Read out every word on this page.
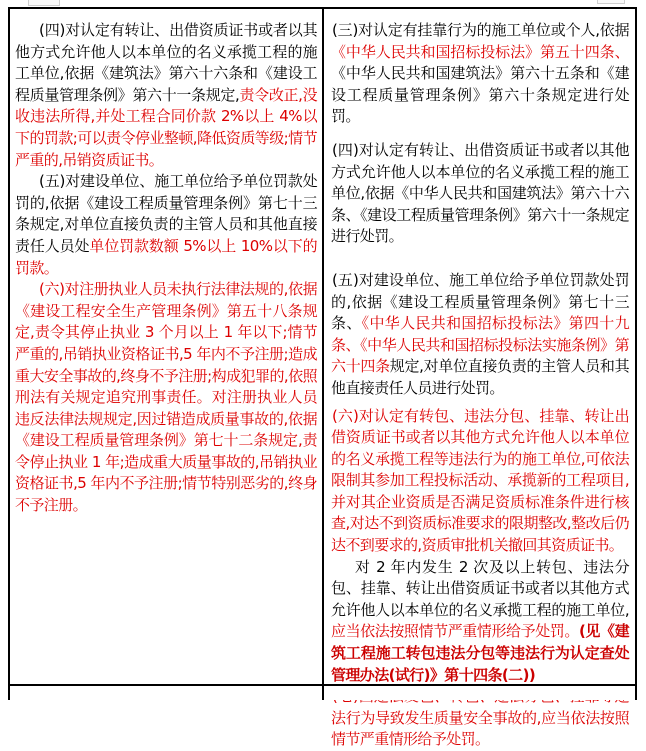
(四)对认定有转让、出借资质证书或者以其他方式允许他人以本单位的名义承揽工程的施工单位,依据《建筑法》第六十六条和《建设工程质量管理条例》第六十一条规定,责令改正,没收违法所得,并处工程合同价款 2%以上 4%以下的罚款;可以责令停业整顿,降低资质等级;情节严重的,吊销资质证书。

(五)对建设单位、施工单位给予单位罚款处罚的,依据《建设工程质量管理条例》第七十三条规定,对单位直接负责的主管人员和其他直接责任人员处单位罚款数额 5%以上 10%以下的罚款。

(六)对注册执业人员未执行法律法规的,依据《建设工程安全生产管理条例》第五十八条规定,责令其停止执业 3 个月以上 1 年以下;情节严重的,吊销执业资格证书,5 年内不予注册;造成重大安全事故的,终身不予注册;构成犯罪的,依照 刑法有关规定追究刑事责任。对注册执业人员违反法律法规规定,因过错造成质量事故的,依据《建设工程质量管理条例》第七十二条规定,责令停止执业 1 年;造成重大质量事故的,吊销执业资格证书,5 年内不予注册;情节特别恶劣的,终身不予注册。

(三)对认定有挂靠行为的施工单位或个人,依据《中华人民共和国招标投标法》第五十四条、《中华人民共和国建筑法》第六十五条和《建设工程质量管理条例》第六十条规定进行处罚。

(四)对认定有转让、出借资质证书或者以其他方式允许他人以本单位的名义承揽工程的施工单位,依据《中华人民共和国建筑法》第六十六条、《建设工程质量管理条例》第六十一条规定进行处罚。

(五)对建设单位、施工单位给予单位罚款处罚的,依据《建设工程质量管理条例》第七十三条、《中华人民共和国招标投标法》第四十九条、《中华人民共和国招标投标法实施条例》第六十四条规定,对单位直接负责的主管人员和其他直接责任人员进行处罚。

(六)对认定有转包、违法分包、挂靠、转让出借资质证书或者以其他方式允许他人以本单位的名义承揽工程等违法行为的施工单位,可依法限制其参加工程投标活动、承揽新的工程项目,并对其企业资质是否满足资质标准条件进行核查,对达不到资质标准要求的限期整改,整改后仍达不到要求的,资质审批机关撤回其资质证书。

对 2 年内发生 2 次及以上转包、违法分包、挂靠、转让出借资质证书或者以其他方式允许他人以本单位的名义承揽工程的施工单位,应当依法按照情节严重情形给予处罚。(见《建筑工程施工转包违法分包等违法行为认定查处管理办法(试行)》第十四条(二))

法行为导致发生质量安全事故的,应当依法按照情节严重情形给予处罚。
